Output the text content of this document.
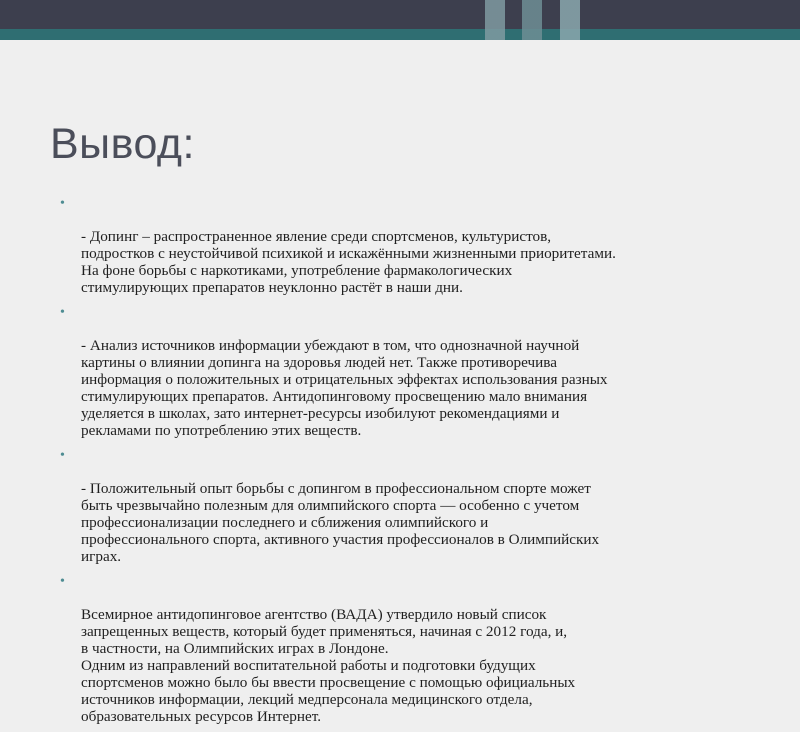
Вывод:

•

- Допинг – распространенное явление среди спортсменов, культуристов,
подростков с неустойчивой психикой и искажёнными жизненными приоритетами.
На фоне борьбы с наркотиками, употребление фармакологических
стимулирующих препаратов неуклонно растёт в наши дни.

•

- Анализ источников информации убеждают в том, что однозначной научной
картины о влиянии допинга на здоровья людей нет. Также противоречива
информация о положительных и отрицательных эффектах использования разных
стимулирующих препаратов. Антидопинговому просвещению мало внимания
уделяется в школах, зато интернет-ресурсы изобилуют рекомендациями и
рекламами по употреблению этих веществ.

•

- Положительный опыт борьбы с допингом в профессиональном спорте может
быть чрезвычайно полезным для олимпийского спорта — особенно с учетом
профессионализации последнего и сближения олимпийского и
профессионального спорта, активного участия профессионалов в Олимпийских
играх.

•

Всемирное антидопинговое агентство (ВАДА) утвердило новый список
запрещенных веществ, который будет применяться, начиная с 2012 года, и,
в частности, на Олимпийских играх в Лондоне.
Одним из направлений воспитательной работы и подготовки будущих
спортсменов можно было бы ввести просвещение с помощью официальных
источников информации, лекций медперсонала медицинского отдела,
образовательных ресурсов Интернет.
